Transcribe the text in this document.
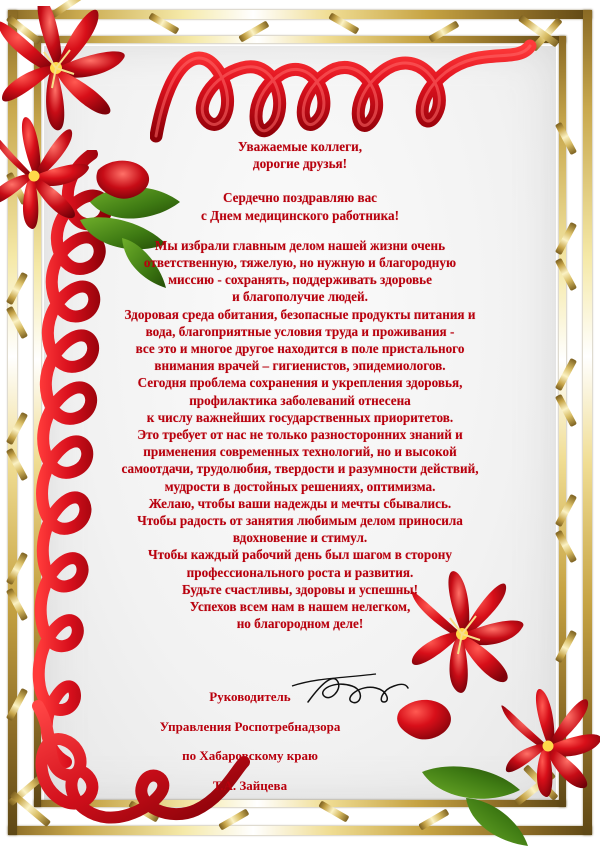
Уважаемые коллеги,

дорогие друзья!

Сердечно поздравляю вас

с Днем медицинского работника!

Мы избрали главным делом нашей жизни очень

ответственную, тяжелую, но нужную и благородную

миссию - сохранять, поддерживать здоровье

и благополучие людей.

Здоровая среда обитания, безопасные продукты питания и

вода, благоприятные условия труда и проживания -

все это и многое другое находится в поле пристального

внимания врачей – гигиенистов, эпидемиологов.

Сегодня проблема сохранения и укрепления здоровья,

профилактика заболеваний отнесена

к числу важнейших государственных приоритетов.

Это требует от нас не только разносторонних знаний и

применения современных технологий, но и высокой

самоотдачи, трудолюбия, твердости и разумности действий,

мудрости в достойных решениях, оптимизма.

Желаю, чтобы ваши надежды и мечты сбывались.

Чтобы радость от занятия любимым делом приносила

вдохновение и стимул.

Чтобы каждый рабочий день был шагом в сторону

профессионального роста и развития.

Будьте счастливы, здоровы и успешны!

Успехов всем нам в нашем нелегком,

но благородном деле!

Руководитель

Управления Роспотребнадзора

по Хабаровскому краю

Т.А. Зайцева
